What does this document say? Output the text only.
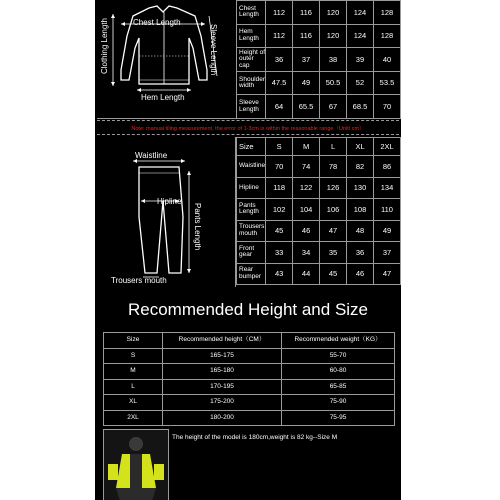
Chest Length
Clothing Length	Sleeve Length
Hem Length
Chest Length	112	116	120	124	128
Hem Length	112	116	120	124	128
Height of outer cap	36	37	38	39	40
Shoulder width	47.5	49	50.5	52	53.5
Sleeve Length	64	65.5	67	68.5	70
Note: manual tiling measurement, the error of 1-3cm is within the reasonable range（Unit/ cm）
Waistline
Hipline
Pants Length
Trousers mouth
Size	S	M	L	XL	2XL
Waistline	70	74	78	82	86
Hipline	118	122	126	130	134
Pants Length	102	104	106	108	110
Trousers mouth	45	46	47	48	49
Front gear	33	34	35	36	37
Rear bumper	43	44	45	46	47
Recommended Height and Size
Size	Recommended height（CM）	Recommended weight（KG）
S	165-175	55-70
M	165-180	60-80
L	170-195	65-85
XL	175-200	75-90
2XL	180-200	75-95
The height of the model is 180cm,weight is 82 kg--Size M
